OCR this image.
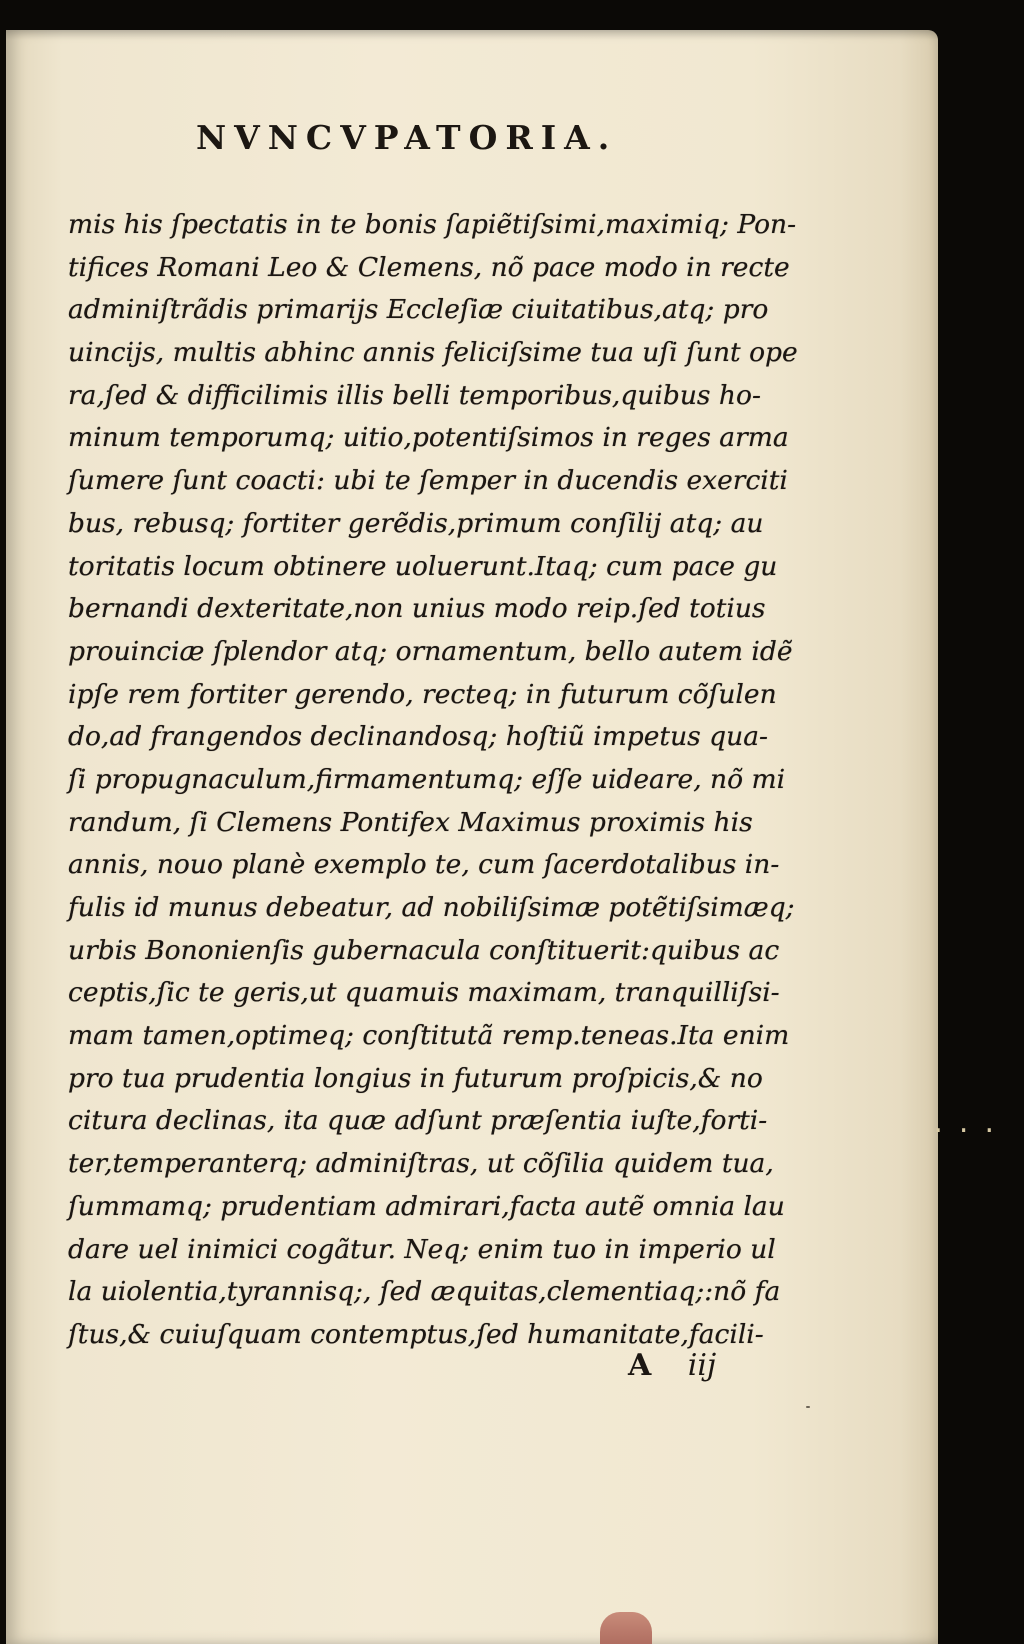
NVNCVPATORIA.
mis his ſpectatis in te bonis ſapiẽtiſsimi,maximiq; Pon-
tifices Romani Leo & Clemens, nõ pace modo in recte
adminiſtrãdis primarijs Eccleſiæ ciuitatibus,atq; pro
uincijs, multis abhinc annis feliciſsime tua uſi ſunt ope
ra,ſed & difficilimis illis belli temporibus,quibus ho-
minum temporumq; uitio,potentiſsimos in reges arma
ſumere ſunt coacti: ubi te ſemper in ducendis exerciti
bus, rebusq; fortiter gerẽdis,primum conſilij atq; au
toritatis locum obtinere uoluerunt.Itaq; cum pace gu
bernandi dexteritate,non unius modo reip.ſed totius
prouinciæ ſplendor atq; ornamentum, bello autem idẽ
ipſe rem fortiter gerendo, recteq; in futurum cõſulen
do,ad frangendos declinandosq; hoſtiũ impetus qua-
ſi propugnaculum,firmamentumq; eſſe uideare, nõ mi
randum, ſi Clemens Pontifex Maximus proximis his
annis, nouo planè exemplo te, cum ſacerdotalibus in-
fulis id munus debeatur, ad nobiliſsimæ potẽtiſsimæq;
urbis Bononienſis gubernacula conſtituerit:quibus ac
ceptis,ſic te geris,ut quamuis maximam, tranquilliſsi-
mam tamen,optimeq; conſtitutã remp.teneas.Ita enim
pro tua prudentia longius in futurum proſpicis,& no
citura declinas, ita quæ adſunt præſentia iuſte,forti-
ter,temperanterq; adminiſtras, ut cõſilia quidem tua,
ſummamq; prudentiam admirari,facta autẽ omnia lau
dare uel inimici cogãtur. Neq; enim tuo in imperio ul
la uiolentia,tyrannisq;, ſed æquitas,clementiaq;:nõ fa
ſtus,& cuiuſquam contemptus,ſed humanitate,facili-
A iij
...
